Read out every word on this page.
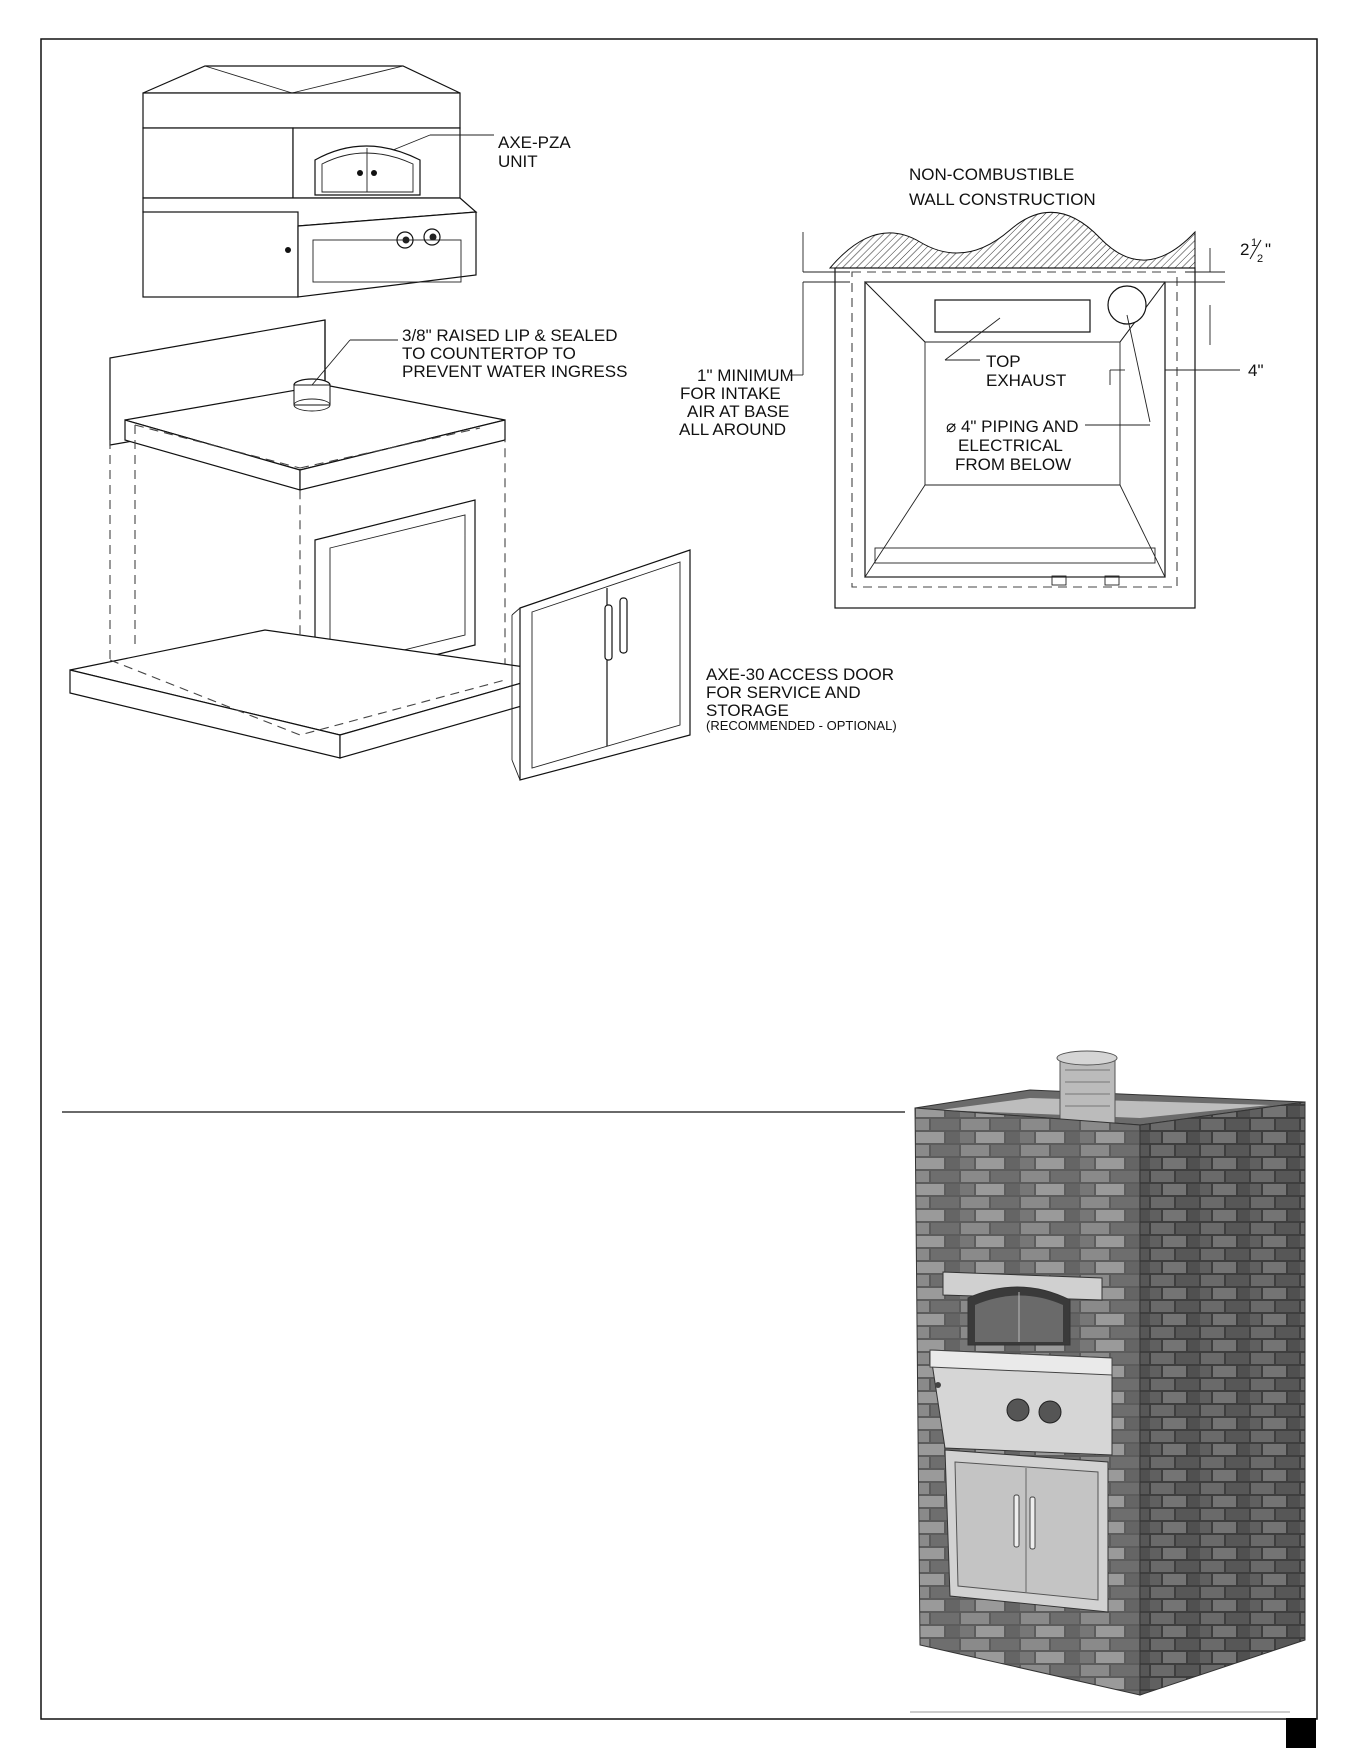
AXE-PZA
UNIT
3/8" RAISED LIP & SEALED
TO COUNTERTOP TO
PREVENT WATER INGRESS
AXE-30 ACCESS DOOR
FOR SERVICE AND
STORAGE
(RECOMMENDED - OPTIONAL)
NON-COMBUSTIBLE
WALL CONSTRUCTION
1" MINIMUM
FOR INTAKE
AIR AT BASE
ALL AROUND
TOP
EXHAUST
⌀ 4" PIPING AND
ELECTRICAL
FROM BELOW
4"
2 1
2 "
